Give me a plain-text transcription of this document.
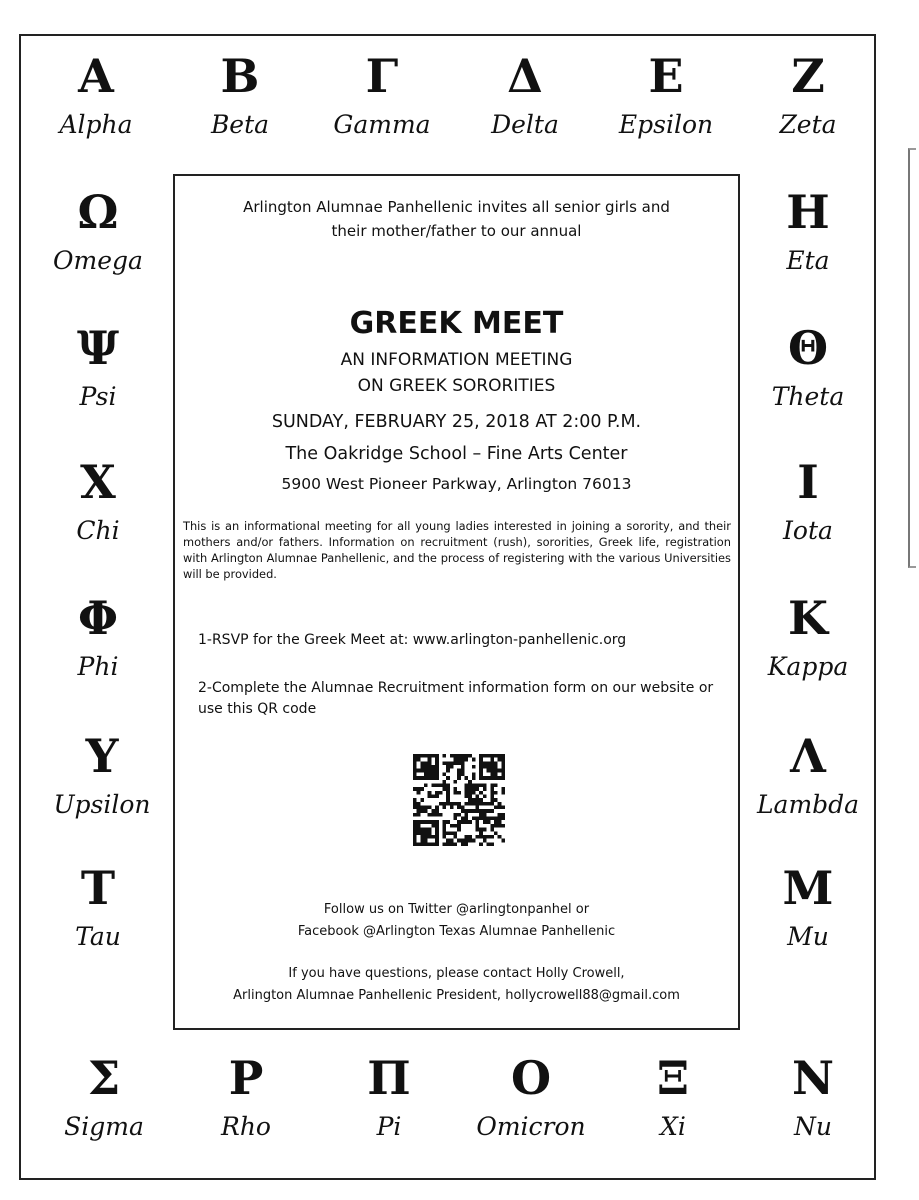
Α
Alpha
Β
Beta
Γ
Gamma
Δ
Delta
Ε
Epsilon
Ζ
Zeta
Ω
Omega
Ψ
Psi
Χ
Chi
Φ
Phi
Υ
Upsilon
Τ
Tau
Η
Eta
Θ
Theta
Ι
Iota
Κ
Kappa
Λ
Lambda
Μ
Mu
Σ
Sigma
Ρ
Rho
Π
Pi
Ο
Omicron
Ξ
Xi
Ν
Nu
Arlington Alumnae Panhellenic invites all senior girls and
their mother/father to our annual
GREEK MEET
AN INFORMATION MEETING
ON GREEK SORORITIES
SUNDAY, FEBRUARY 25, 2018 AT 2:00 P.M.
The Oakridge School – Fine Arts Center
5900 West Pioneer Parkway, Arlington 76013
This is an informational meeting for all young ladies interested in joining a sorority, and their mothers and/or fathers. Information on recruitment (rush), sororities, Greek life, registration with Arlington Alumnae Panhellenic, and the process of registering with the various Universities will be provided.
1-RSVP for the Greek Meet at: www.arlington-panhellenic.org
2-Complete the Alumnae Recruitment information form on our website or use this QR code
Follow us on Twitter @arlingtonpanhel or
Facebook @Arlington Texas Alumnae Panhellenic
If you have questions, please contact Holly Crowell,
Arlington Alumnae Panhellenic President, hollycrowell88@gmail.com
